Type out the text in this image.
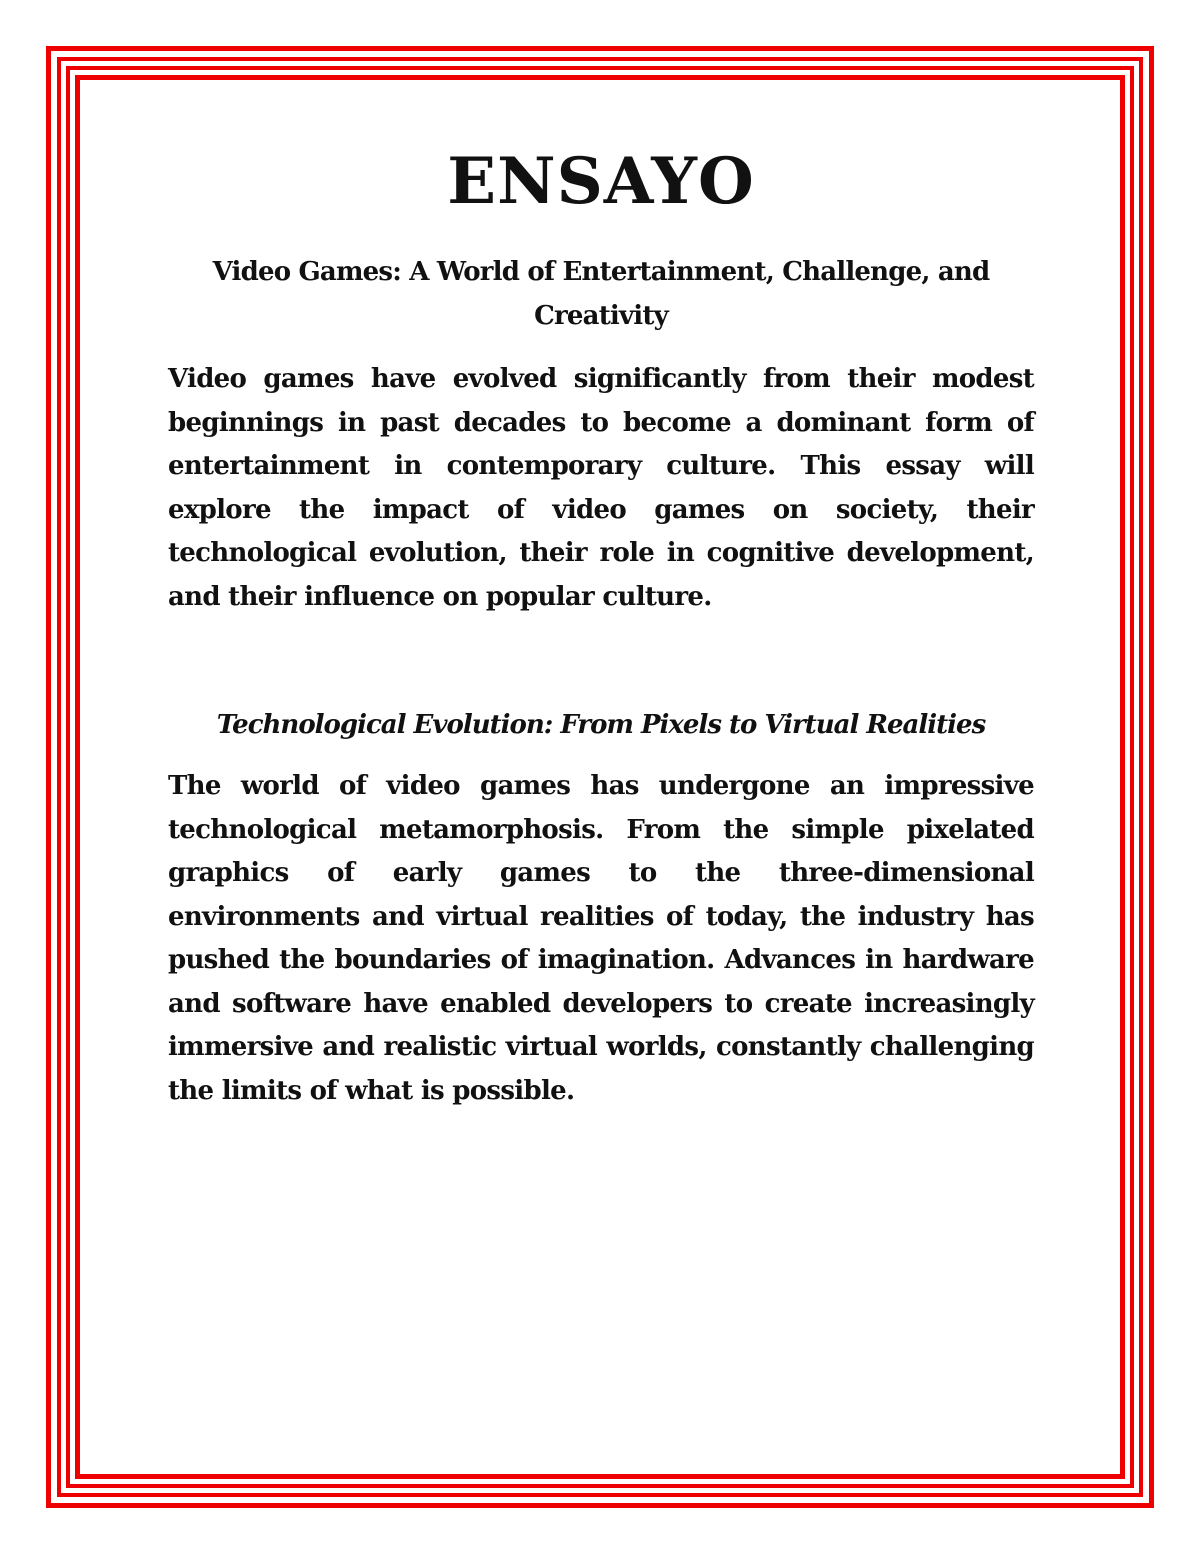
ENSAYO
Video Games: A World of Entertainment, Challenge, and Creativity

Video games have evolved significantly from their modest beginnings in past decades to become a dominant form of entertainment in contemporary culture. This essay will explore the impact of video games on society, their technological evolution, their role in cognitive development, and their influence on popular culture.

Technological Evolution: From Pixels to Virtual Realities

The world of video games has undergone an impressive technological metamorphosis. From the simple pixelated graphics of early games to the three-dimensional environments and virtual realities of today, the industry has pushed the boundaries of imagination. Advances in hardware and software have enabled developers to create increasingly immersive and realistic virtual worlds, constantly challenging the limits of what is possible.
